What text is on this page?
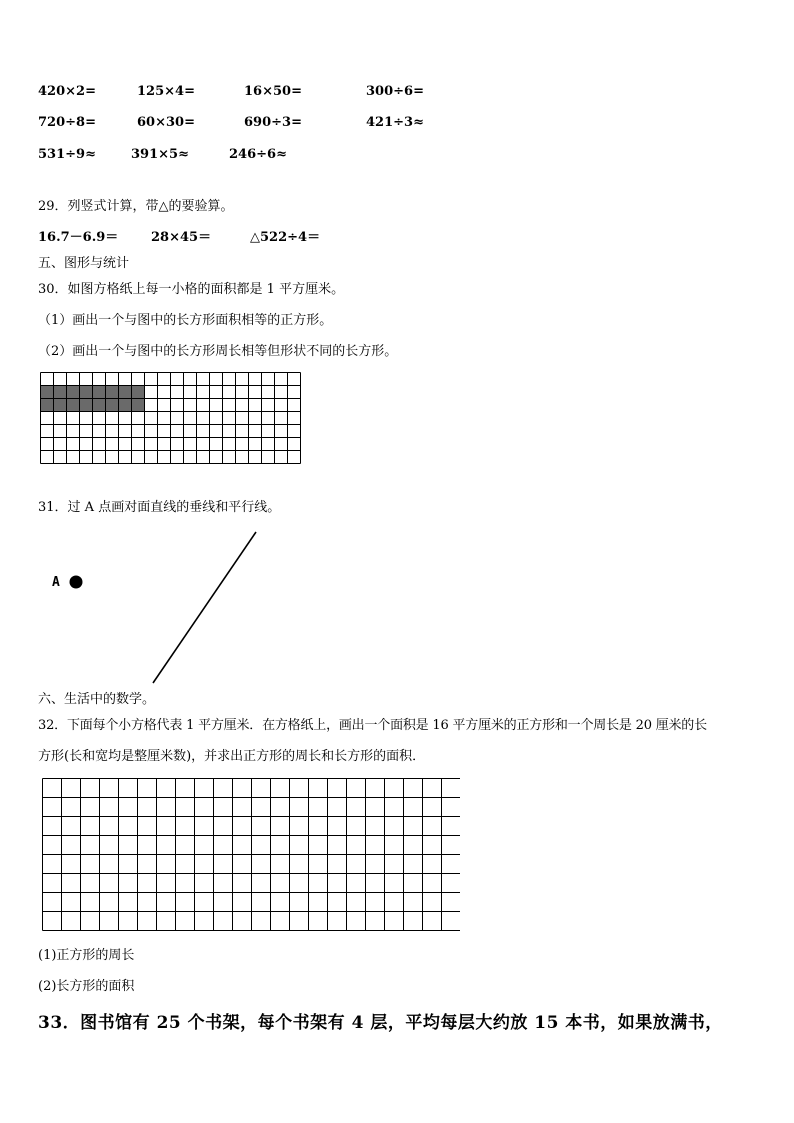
420×2=	125×4=	16×50=	300÷6=
720÷8=	60×30=	690÷3=	421÷3≈
531÷9≈	391×5≈	246÷6≈
29．列竖式计算，带△的要验算。
16.7－6.9＝	28×45＝	△522÷4＝
五、图形与统计
30．如图方格纸上每一小格的面积都是 1 平方厘米。
（1）画出一个与图中的长方形面积相等的正方形。
（2）画出一个与图中的长方形周长相等但形状不同的长方形。
31．过 A 点画对面直线的垂线和平行线。
A
六、生活中的数学。
32．下面每个小方格代表 1 平方厘米．在方格纸上，画出一个面积是 16 平方厘米的正方形和一个周长是 20 厘米的长
方形(长和宽均是整厘米数)，并求出正方形的周长和长方形的面积．
(1)正方形的周长
(2)长方形的面积
33．图书馆有 25 个书架，每个书架有 4 层，平均每层大约放 15 本书，如果放满书，
